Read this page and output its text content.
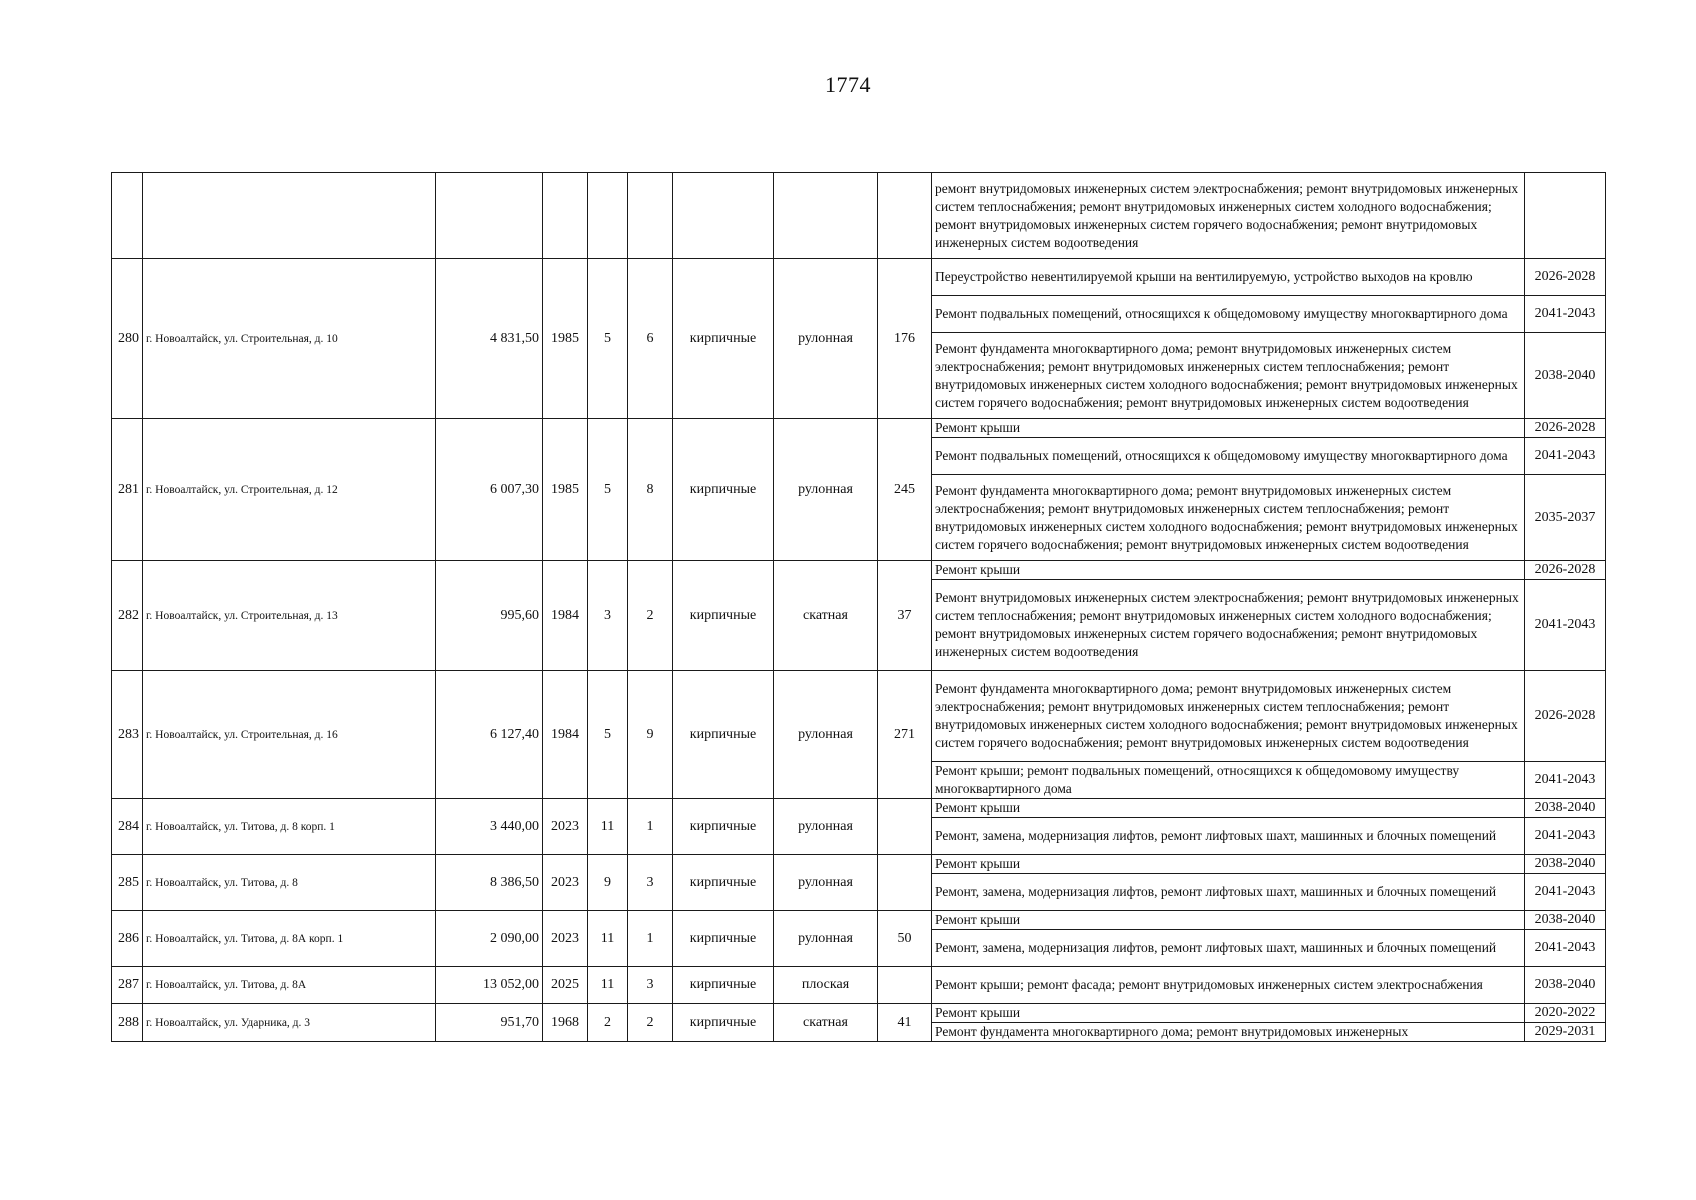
1774
									ремонт внутридомовых инженерных систем электроснабжения; ремонт внутридомовых инженерных систем теплоснабжения; ремонт внутридомовых инженерных систем холодного водоснабжения; ремонт внутридомовых инженерных систем горячего водоснабжения; ремонт внутридомовых инженерных систем водоотведения	
280	г. Новоалтайск, ул. Строительная, д. 10	4 831,50	1985	5	6	кирпичные	рулонная	176	Переустройство невентилируемой крыши на вентилируемую, устройство выходов на кровлю	2026-2028
									Ремонт подвальных помещений, относящихся к общедомовому имуществу многоквартирного дома	2041-2043
									Ремонт фундамента многоквартирного дома; ремонт внутридомовых инженерных систем электроснабжения; ремонт внутридомовых инженерных систем теплоснабжения; ремонт внутридомовых инженерных систем холодного водоснабжения; ремонт внутридомовых инженерных систем горячего водоснабжения; ремонт внутридомовых инженерных систем водоотведения	2038-2040
281	г. Новоалтайск, ул. Строительная, д. 12	6 007,30	1985	5	8	кирпичные	рулонная	245	Ремонт крыши	2026-2028
									Ремонт подвальных помещений, относящихся к общедомовому имуществу многоквартирного дома	2041-2043
									Ремонт фундамента многоквартирного дома; ремонт внутридомовых инженерных систем электроснабжения; ремонт внутридомовых инженерных систем теплоснабжения; ремонт внутридомовых инженерных систем холодного водоснабжения; ремонт внутридомовых инженерных систем горячего водоснабжения; ремонт внутридомовых инженерных систем водоотведения	2035-2037
282	г. Новоалтайск, ул. Строительная, д. 13	995,60	1984	3	2	кирпичные	скатная	37	Ремонт крыши	2026-2028
									Ремонт внутридомовых инженерных систем электроснабжения; ремонт внутридомовых инженерных систем теплоснабжения; ремонт внутридомовых инженерных систем холодного водоснабжения; ремонт внутридомовых инженерных систем горячего водоснабжения; ремонт внутридомовых инженерных систем водоотведения	2041-2043
283	г. Новоалтайск, ул. Строительная, д. 16	6 127,40	1984	5	9	кирпичные	рулонная	271	Ремонт фундамента многоквартирного дома; ремонт внутридомовых инженерных систем электроснабжения; ремонт внутридомовых инженерных систем теплоснабжения; ремонт внутридомовых инженерных систем холодного водоснабжения; ремонт внутридомовых инженерных систем горячего водоснабжения; ремонт внутридомовых инженерных систем водоотведения	2026-2028
									Ремонт крыши; ремонт подвальных помещений, относящихся к общедомовому имуществу многоквартирного дома	2041-2043
284	г. Новоалтайск, ул. Титова, д. 8 корп. 1	3 440,00	2023	11	1	кирпичные	рулонная		Ремонт крыши	2038-2040
									Ремонт, замена, модернизация лифтов, ремонт лифтовых шахт, машинных и блочных помещений	2041-2043
285	г. Новоалтайск, ул. Титова, д. 8	8 386,50	2023	9	3	кирпичные	рулонная		Ремонт крыши	2038-2040
									Ремонт, замена, модернизация лифтов, ремонт лифтовых шахт, машинных и блочных помещений	2041-2043
286	г. Новоалтайск, ул. Титова, д. 8А корп. 1	2 090,00	2023	11	1	кирпичные	рулонная	50	Ремонт крыши	2038-2040
									Ремонт, замена, модернизация лифтов, ремонт лифтовых шахт, машинных и блочных помещений	2041-2043
287	г. Новоалтайск, ул. Титова, д. 8А	13 052,00	2025	11	3	кирпичные	плоская		Ремонт крыши; ремонт фасада; ремонт внутридомовых инженерных систем электроснабжения	2038-2040
288	г. Новоалтайск, ул. Ударника, д. 3	951,70	1968	2	2	кирпичные	скатная	41	Ремонт крыши	2020-2022
									Ремонт фундамента многоквартирного дома; ремонт внутридомовых инженерных	2029-2031
